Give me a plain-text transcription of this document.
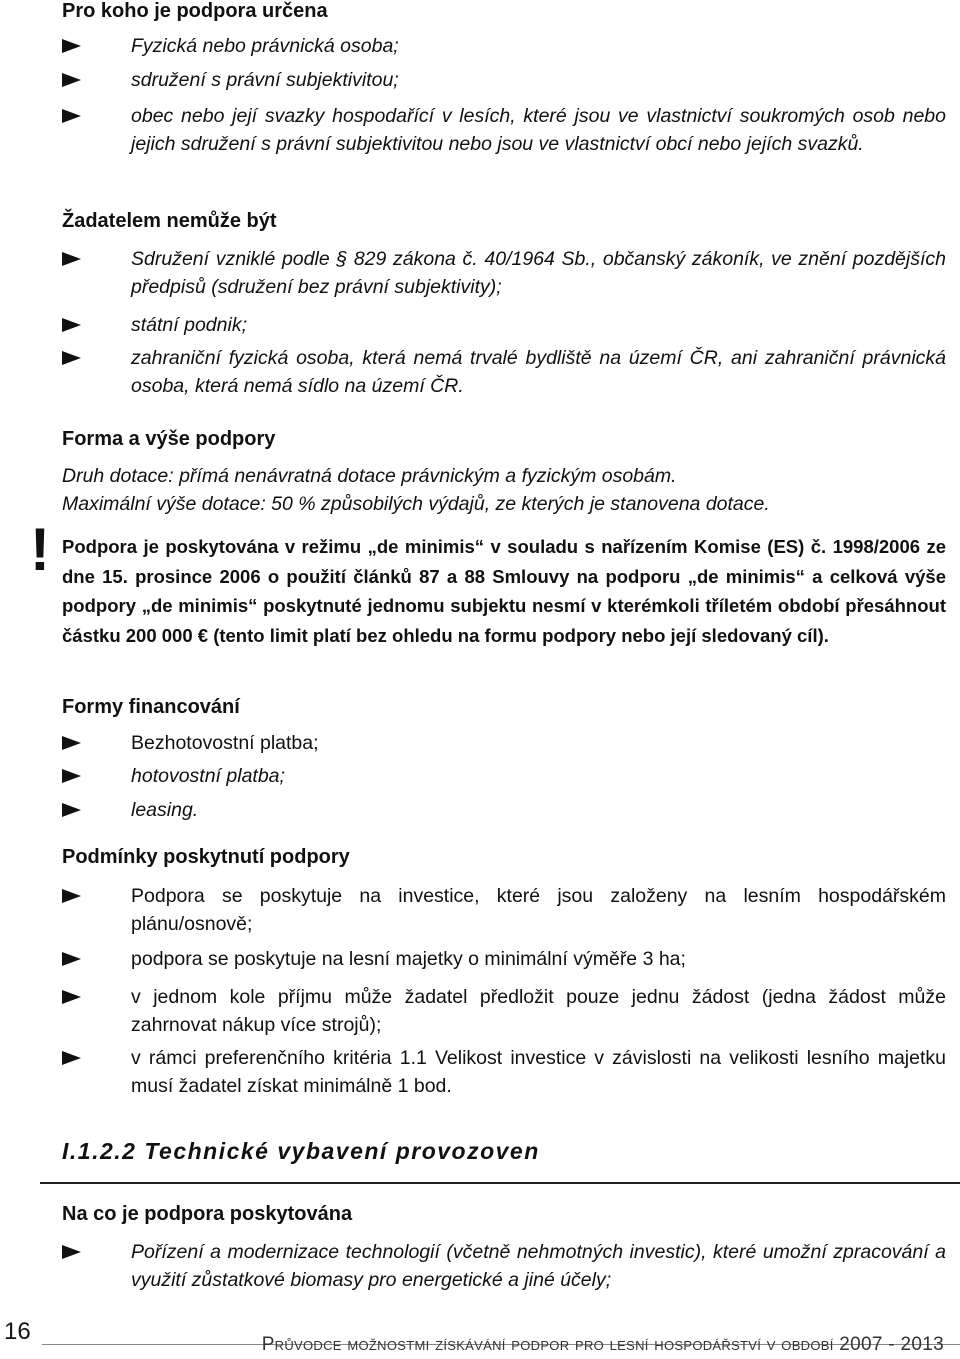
Pro koho je podpora určena
Fyzická nebo právnická osoba;
sdružení s právní subjektivitou;
obec nebo její svazky hospodařící v lesích, které jsou ve vlastnictví soukromých osob nebo jejich sdružení s právní subjektivitou nebo jsou ve vlastnictví obcí nebo jejích svazků.
Žadatelem nemůže být
Sdružení vzniklé podle § 829 zákona č. 40/1964 Sb., občanský zákoník, ve znění pozdějších předpisů (sdružení bez právní subjektivity);
státní podnik;
zahraniční fyzická osoba, která nemá trvalé bydliště na území ČR, ani zahraniční právnická osoba, která nemá sídlo na území ČR.
Forma a výše podpory
Druh dotace: přímá nenávratná dotace právnickým a fyzickým osobám.
Maximální výše dotace: 50 % způsobilých výdajů, ze kterých je stanovena dotace.
! Podpora je poskytována v režimu „de minimis“ v souladu s nařízením Komise (ES) č. 1998/2006 ze dne 15. prosince 2006 o použití článků 87 a 88 Smlouvy na podporu „de minimis“ a celková výše podpory „de minimis“ poskytnuté jednomu subjektu nesmí v kterémkoli tříletém období přesáhnout částku 200 000 € (tento limit platí bez ohledu na formu podpory nebo její sledovaný cíl).
Formy financování
Bezhotovostní platba;
hotovostní platba;
leasing.
Podmínky poskytnutí podpory
Podpora se poskytuje na investice, které jsou založeny na lesním hospodářském plánu/osnově;
podpora se poskytuje na lesní majetky o minimální výměře 3 ha;
v jednom kole příjmu může žadatel předložit pouze jednu žádost (jedna žádost může zahrnovat nákup více strojů);
v rámci preferenčního kritéria 1.1 Velikost investice v závislosti na velikosti lesního majetku musí žadatel získat minimálně 1 bod.
I.1.2.2 Technické vybavení provozoven
Na co je podpora poskytována
Pořízení a modernizace technologií (včetně nehmotných investic), které umožní zpracování a využití zůstatkové biomasy pro energetické a jiné účely;
16	Průvodce možnostmi získávání podpor pro lesní hospodářství v období 2007 - 2013
